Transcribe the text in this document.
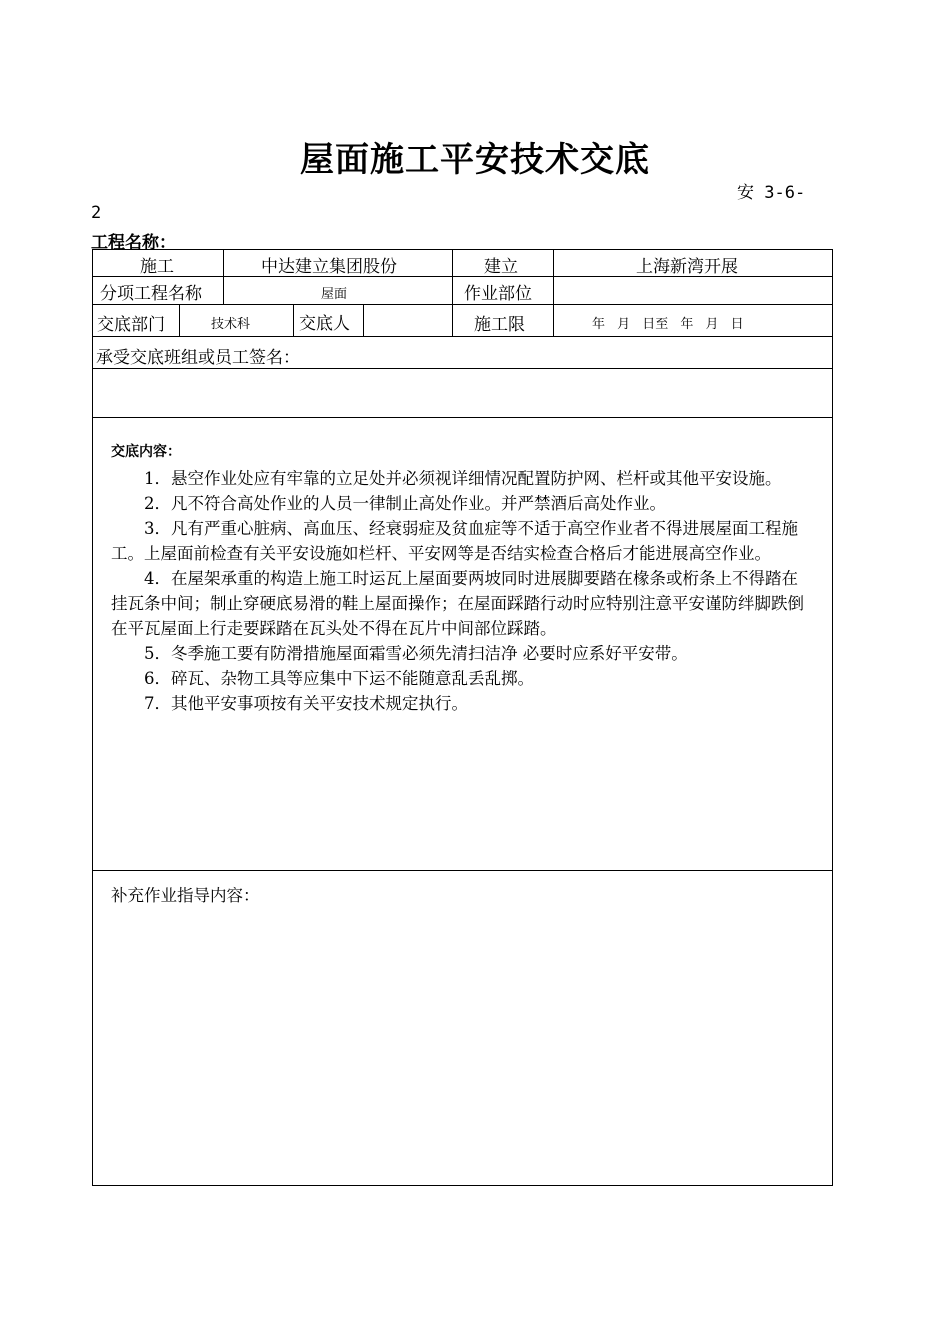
屋面施工平安技术交底
安 3-6-
2
工程名称：
施工	中达建立集团股份	建立	上海新湾开展
分项工程名称	屋面	作业部位
交底部门	技术科	交底人	施工限	年 月 日至 年 月 日
承受交底班组或员工签名：
交底内容：

1．悬空作业处应有牢靠的立足处并必须视详细情况配置防护网、栏杆或其他平安设施。

2．凡不符合高处作业的人员一律制止高处作业。并严禁酒后高处作业。

3．凡有严重心脏病、高血压、经衰弱症及贫血症等不适于高空作业者不得进展屋面工程施工。上屋面前检查有关平安设施如栏杆、平安网等是否结实检查合格后才能进展高空作业。

4．在屋架承重的构造上施工时运瓦上屋面要两坡同时进展脚要踏在椽条或桁条上不得踏在挂瓦条中间；制止穿硬底易滑的鞋上屋面操作；在屋面踩踏行动时应特别注意平安谨防绊脚跌倒在平瓦屋面上行走要踩踏在瓦头处不得在瓦片中间部位踩踏。

5．冬季施工要有防滑措施屋面霜雪必须先清扫洁净 必要时应系好平安带。

6．碎瓦、杂物工具等应集中下运不能随意乱丢乱掷。

7．其他平安事项按有关平安技术规定执行。

补充作业指导内容：
